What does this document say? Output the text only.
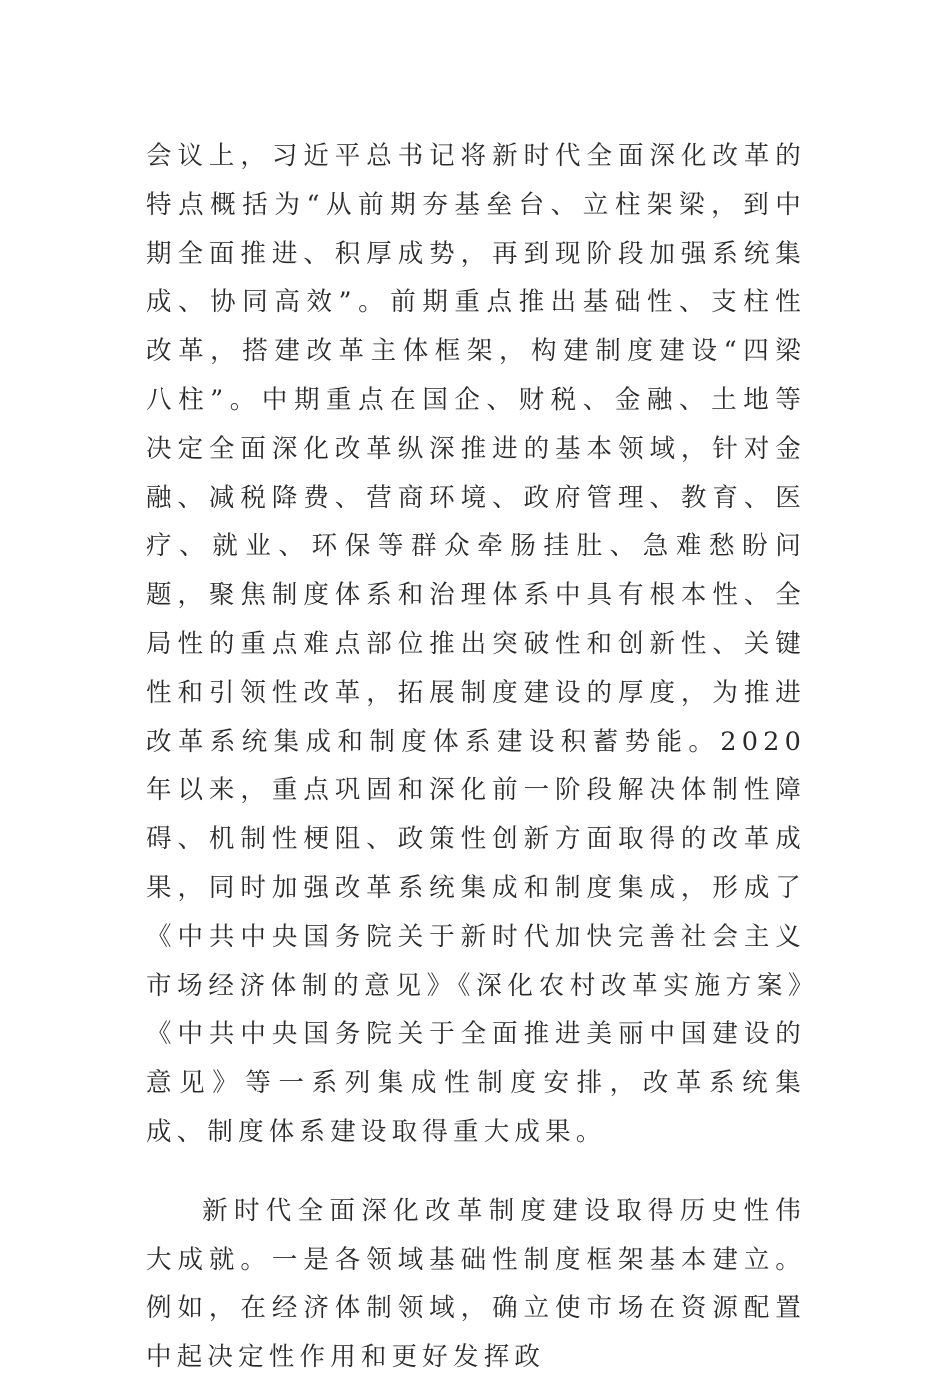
会议上，习近平总书记将新时代全面深化改革的特点概括为“从前期夯基垒台、立柱架梁，到中期全面推进、积厚成势，再到现阶段加强系统集成、协同高效”。前期重点推出基础性、支柱性改革，搭建改革主体框架，构建制度建设“四梁八柱”。中期重点在国企、财税、金融、土地等决定全面深化改革纵深推进的基本领域，针对金融、减税降费、营商环境、政府管理、教育、医疗、就业、环保等群众牵肠挂肚、急难愁盼问题，聚焦制度体系和治理体系中具有根本性、全局性的重点难点部位推出突破性和创新性、关键性和引领性改革，拓展制度建设的厚度，为推进改革系统集成和制度体系建设积蓄势能。2020 年以来，重点巩固和深化前一阶段解决体制性障碍、机制性梗阻、政策性创新方面取得的改革成果，同时加强改革系统集成和制度集成，形成了《中共中央国务院关于新时代加快完善社会主义市场经济体制的意见》《深化农村改革实施方案》《中共中央国务院关于全面推进美丽中国建设的意见》等一系列集成性制度安排，改革系统集成、制度体系建设取得重大成果。

新时代全面深化改革制度建设取得历史性伟大成就。一是各领域基础性制度框架基本建立。例如，在经济体制领域，确立使市场在资源配置中起决定性作用和更好发挥政
